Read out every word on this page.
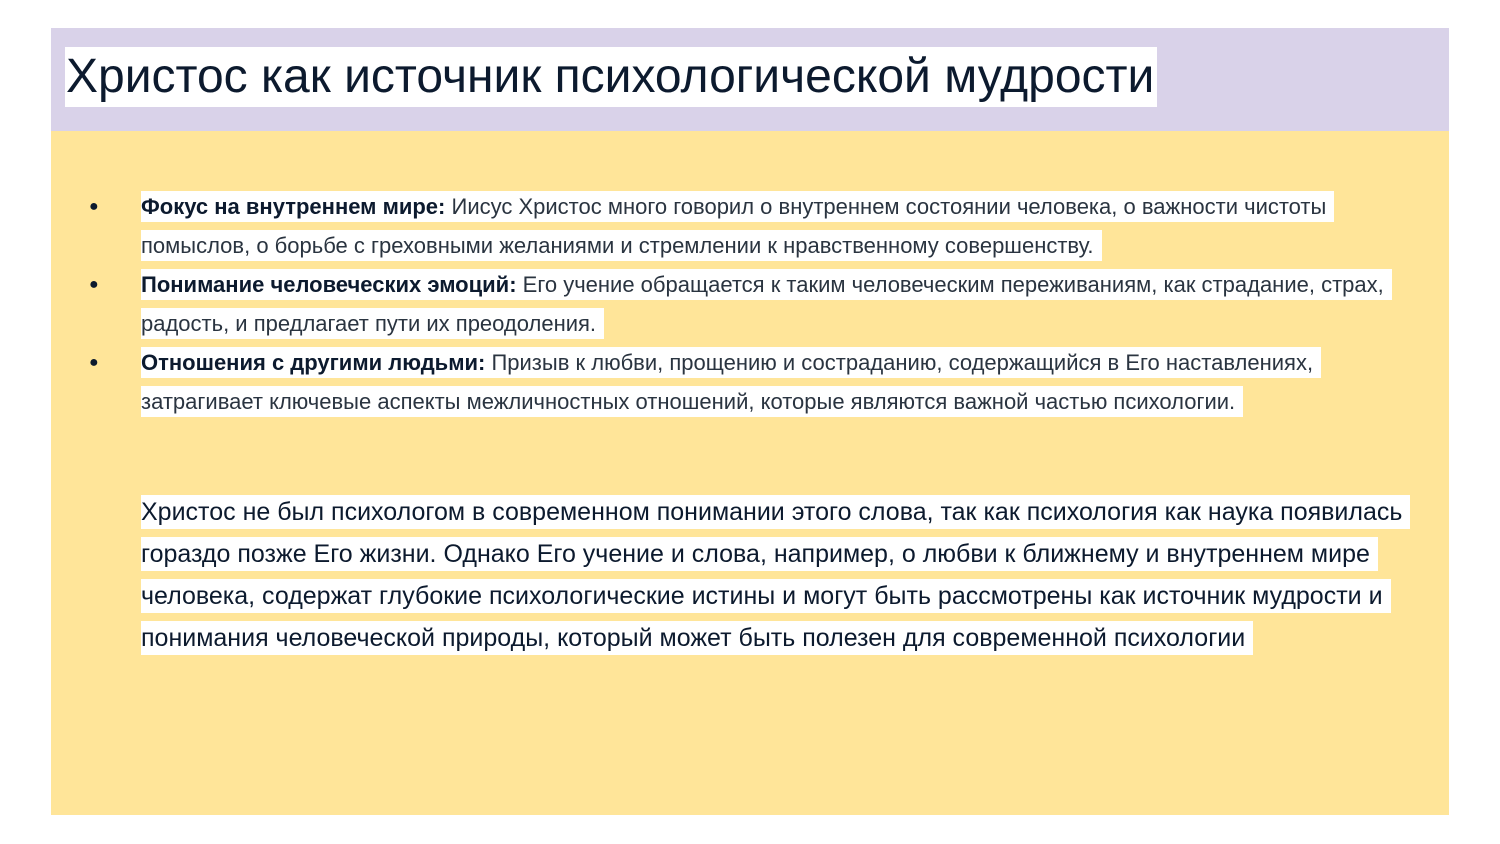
Христос как источник психологической мудрости
●	Фокус на внутреннем мире: Иисус Христос много говорил о внутреннем состоянии человека, о важности чистоты помыслов, о борьбе с греховными желаниями и стремлении к нравственному совершенству.
●	Понимание человеческих эмоций: Его учение обращается к таким человеческим переживаниям, как страдание, страх, радость, и предлагает пути их преодоления.
●	Отношения с другими людьми: Призыв к любви, прощению и состраданию, содержащийся в Его наставлениях, затрагивает ключевые аспекты межличностных отношений, которые являются важной частью психологии.

Христос не был психологом в современном понимании этого слова, так как психология как наука появилась гораздо позже Его жизни. Однако Его учение и слова, например, о любви к ближнему и внутреннем мире человека, содержат глубокие психологические истины и могут быть рассмотрены как источник мудрости и понимания человеческой природы, который может быть полезен для современной психологии
